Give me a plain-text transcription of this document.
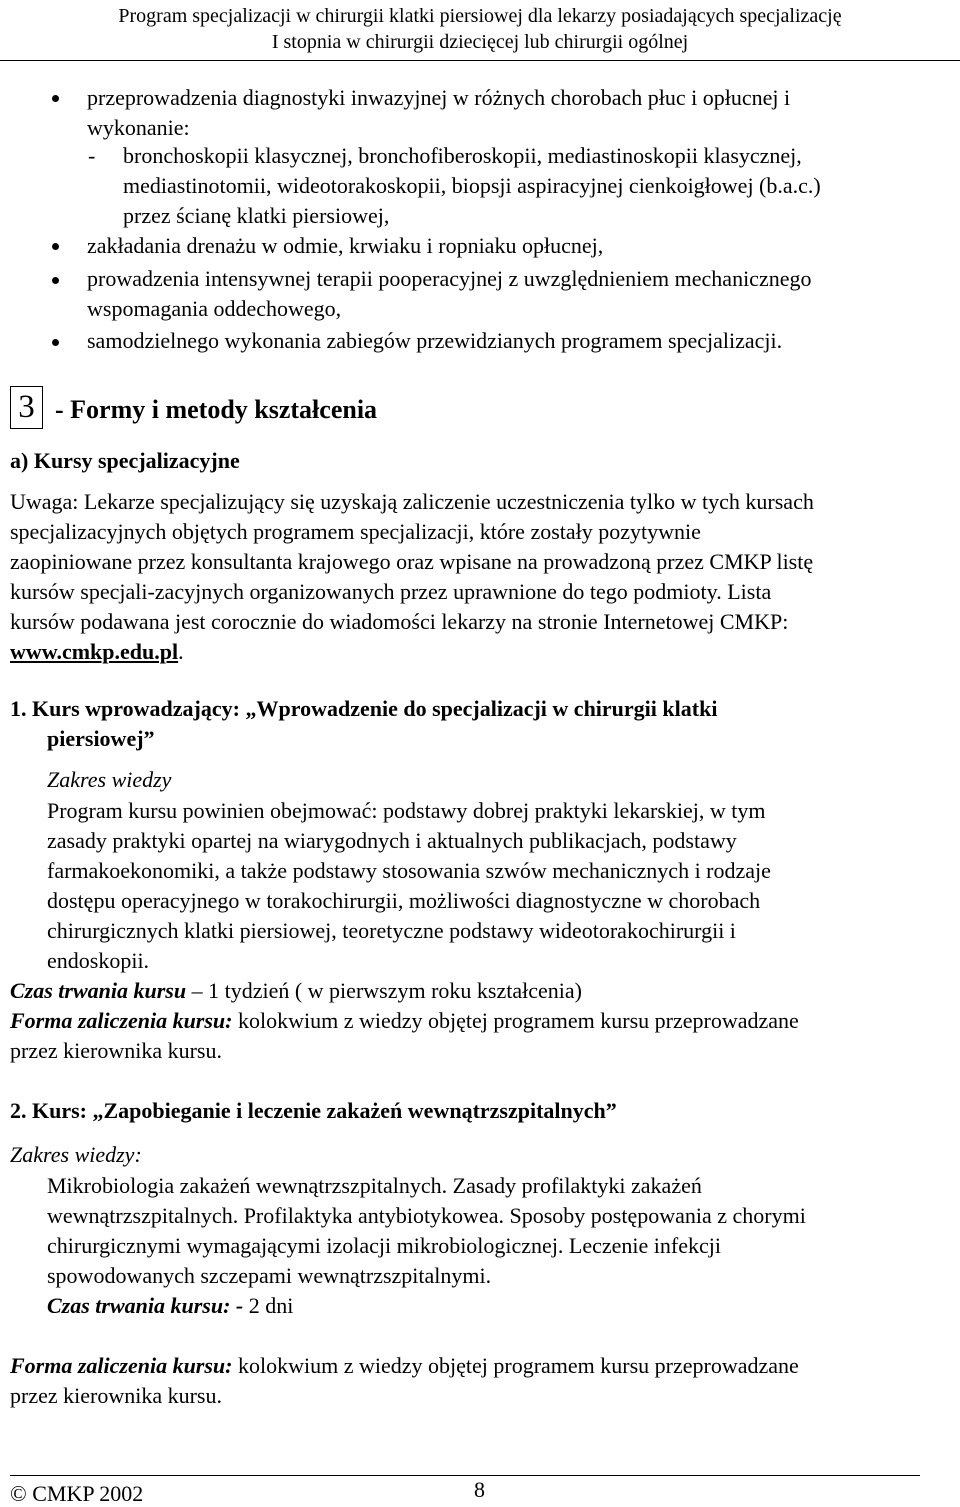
Program specjalizacji w chirurgii klatki piersiowej dla lekarzy posiadających specjalizację
I stopnia w chirurgii dziecięcej lub chirurgii ogólnej
przeprowadzenia diagnostyki inwazyjnej w różnych chorobach płuc i opłucnej i
wykonanie:
- bronchoskopii klasycznej, bronchofiberoskopii, mediastinoskopii klasycznej,
mediastinotomii, wideotorakoskopii, biopsji aspiracyjnej cienkoigłowej (b.a.c.)
przez ścianę klatki piersiowej,
zakładania drenażu w odmie, krwiaku i ropniaku opłucnej,
prowadzenia intensywnej terapii pooperacyjnej z uwzględnieniem mechanicznego
wspomagania oddechowego,
samodzielnego wykonania zabiegów przewidzianych programem specjalizacji.
3 - Formy i metody kształcenia
a) Kursy specjalizacyjne
Uwaga: Lekarze specjalizujący się uzyskają zaliczenie uczestniczenia tylko w tych kursach
specjalizacyjnych objętych programem specjalizacji, które zostały pozytywnie
zaopiniowane przez konsultanta krajowego oraz wpisane na prowadzoną przez CMKP listę
kursów specjali-zacyjnych organizowanych przez uprawnione do tego podmioty. Lista
kursów podawana jest corocznie do wiadomości lekarzy na stronie Internetowej CMKP:
www.cmkp.edu.pl.
1. Kurs wprowadzający: „Wprowadzenie do specjalizacji w chirurgii klatki
piersiowej”
Zakres wiedzy
Program kursu powinien obejmować: podstawy dobrej praktyki lekarskiej, w tym
zasady praktyki opartej na wiarygodnych i aktualnych publikacjach, podstawy
farmakoekonomiki, a także podstawy stosowania szwów mechanicznych i rodzaje
dostępu operacyjnego w torakochirurgii, możliwości diagnostyczne w chorobach
chirurgicznych klatki piersiowej, teoretyczne podstawy wideotorakochirurgii i
endoskopii.
Czas trwania kursu – 1 tydzień ( w pierwszym roku kształcenia)
Forma zaliczenia kursu: kolokwium z wiedzy objętej programem kursu przeprowadzane
przez kierownika kursu.
2. Kurs: „Zapobieganie i leczenie zakażeń wewnątrzszpitalnych”
Zakres wiedzy:
Mikrobiologia zakażeń wewnątrzszpitalnych. Zasady profilaktyki zakażeń
wewnątrzszpitalnych. Profilaktyka antybiotykowea. Sposoby postępowania z chorymi
chirurgicznymi wymagającymi izolacji mikrobiologicznej. Leczenie infekcji
spowodowanych szczepami wewnątrzszpitalnymi.
Czas trwania kursu: - 2 dni
Forma zaliczenia kursu: kolokwium z wiedzy objętej programem kursu przeprowadzane
przez kierownika kursu.
© CMKP 2002	8
